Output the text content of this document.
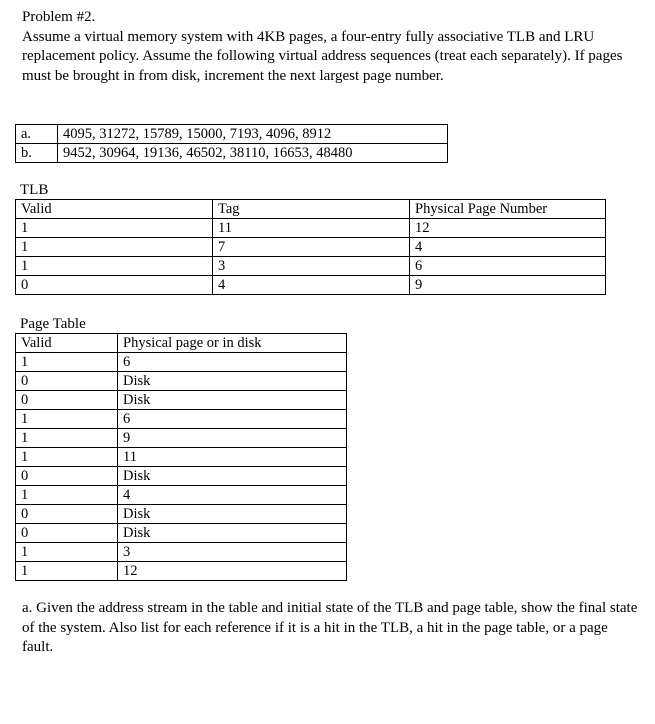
Problem #2.
Assume a virtual memory system with 4KB pages, a four-entry fully associative TLB and LRU replacement policy. Assume the following virtual address sequences (treat each separately). If pages must be brought in from disk, increment the next largest page number.
a.	4095, 31272, 15789, 15000, 7193, 4096, 8912
b.	9452, 30964, 19136, 46502, 38110, 16653, 48480
TLB
Valid	Tag	Physical Page Number
1	11	12
1	7	4
1	3	6
0	4	9
Page Table
Valid	Physical page or in disk
1	6
0	Disk
0	Disk
1	6
1	9
1	11
0	Disk
1	4
0	Disk
0	Disk
1	3
1	12
a. Given the address stream in the table and initial state of the TLB and page table, show the final state of the system. Also list for each reference if it is a hit in the TLB, a hit in the page table, or a page fault.
